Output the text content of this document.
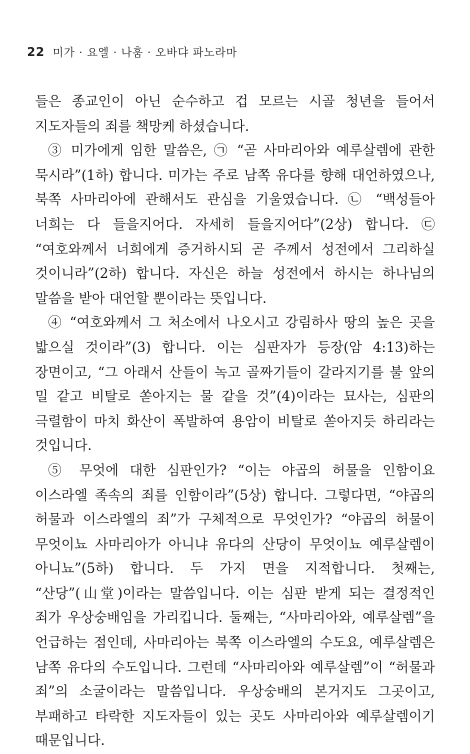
22 미가 · 요엘 · 나훔 · 오바댜 파노라마

들은 종교인이 아닌 순수하고 겁 모르는 시골 청년을 들어서 지도자들의 죄를 책망케 하셨습니다.

③ 미가에게 임한 말씀은, ㉠ “곧 사마리아와 예루살렘에 관한 묵시라”(1하) 합니다. 미가는 주로 남쪽 유다를 향해 대언하였으나, 북쪽 사마리아에 관해서도 관심을 기울였습니다. ㉡ “백성들아 너희는 다 들을지어다. 자세히 들을지어다”(2상) 합니다. ㉢ “여호와께서 너희에게 증거하시되 곧 주께서 성전에서 그리하실 것이니라”(2하) 합니다. 자신은 하늘 성전에서 하시는 하나님의 말씀을 받아 대언할 뿐이라는 뜻입니다.

④ “여호와께서 그 처소에서 나오시고 강림하사 땅의 높은 곳을 밟으실 것이라”(3) 합니다. 이는 심판자가 등장(암 4:13)하는 장면이고, “그 아래서 산들이 녹고 골짜기들이 갈라지기를 불 앞의 밀 같고 비탈로 쏟아지는 물 같을 것”(4)이라는 묘사는, 심판의 극렬함이 마치 화산이 폭발하여 용암이 비탈로 쏟아지듯 하리라는 것입니다.

⑤ 무엇에 대한 심판인가? “이는 야곱의 허물을 인함이요 이스라엘 족속의 죄를 인함이라”(5상) 합니다. 그렇다면, “야곱의 허물과 이스라엘의 죄”가 구체적으로 무엇인가? “야곱의 허물이 무엇이뇨 사마리아가 아니냐 유다의 산당이 무엇이뇨 예루살렘이 아니뇨”(5하) 합니다. 두 가지 면을 지적합니다. 첫째는, “산당”(山堂)이라는 말씀입니다. 이는 심판 받게 되는 결정적인 죄가 우상숭배임을 가리킵니다. 둘째는, “사마리아와, 예루살렘”을 언급하는 점인데, 사마리아는 북쪽 이스라엘의 수도요, 예루살렘은 남쪽 유다의 수도입니다. 그런데 “사마리아와 예루살렘”이 “허물과 죄”의 소굴이라는 말씀입니다. 우상숭배의 본거지도 그곳이고, 부패하고 타락한 지도자들이 있는 곳도 사마리아와 예루살렘이기 때문입니다.
